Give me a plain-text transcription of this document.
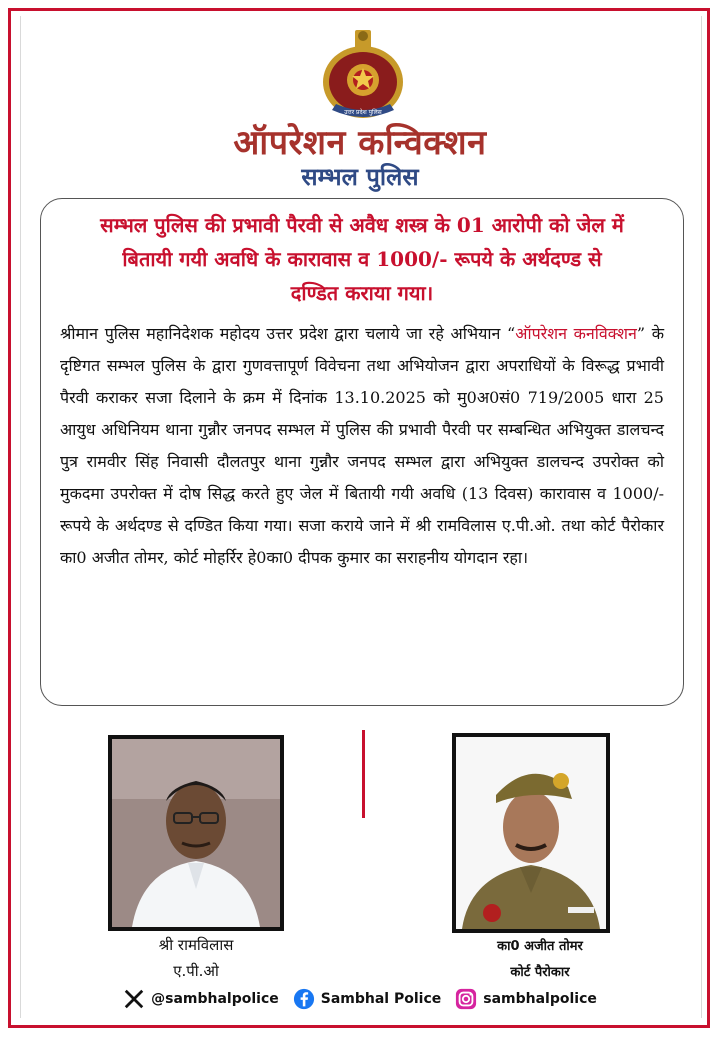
उत्तर प्रदेश पुलिस
ऑपरेशन कन्विक्शन
सम्भल पुलिस
सम्भल पुलिस की प्रभावी पैरवी से अवैध शस्त्र के 01 आरोपी को जेल में
बितायी गयी अवधि के कारावास व 1000/- रूपये के अर्थदण्ड से
दण्डित कराया गया।
श्रीमान पुलिस महानिदेशक महोदय उत्तर प्रदेश द्वारा चलाये जा रहे अभियान “ऑपरेशन कनविक्शन” के दृष्टिगत सम्भल पुलिस के द्वारा गुणवत्तापूर्ण विवेचना तथा अभियोजन द्वारा अपराधियों के विरूद्ध प्रभावी पैरवी कराकर सजा दिलाने के क्रम में दिनांक 13.10.2025 को मु0अ0सं0 719/2005 धारा 25 आयुध अधिनियम थाना गुन्नौर जनपद सम्भल में पुलिस की प्रभावी पैरवी पर सम्बन्धित अभियुक्त डालचन्द पुत्र रामवीर सिंह निवासी दौलतपुर थाना गुन्नौर जनपद सम्भल द्वारा अभियुक्त डालचन्द उपरोक्त को मुकदमा उपरोक्त में दोष सिद्ध करते हुए जेल में बितायी गयी अवधि (13 दिवस) कारावास व 1000/- रूपये के अर्थदण्ड से दण्डित किया गया। सजा कराये जाने में श्री रामविलास ए.पी.ओ. तथा कोर्ट पैरोकार का0 अजीत तोमर, कोर्ट मोहर्रिर हे0का0 दीपक कुमार का सराहनीय योगदान रहा।
श्री रामविलास
ए.पी.ओ
का0 अजीत तोमर
कोर्ट पैरोकार
@sambhalpolice	Sambhal Police	sambhalpolice
